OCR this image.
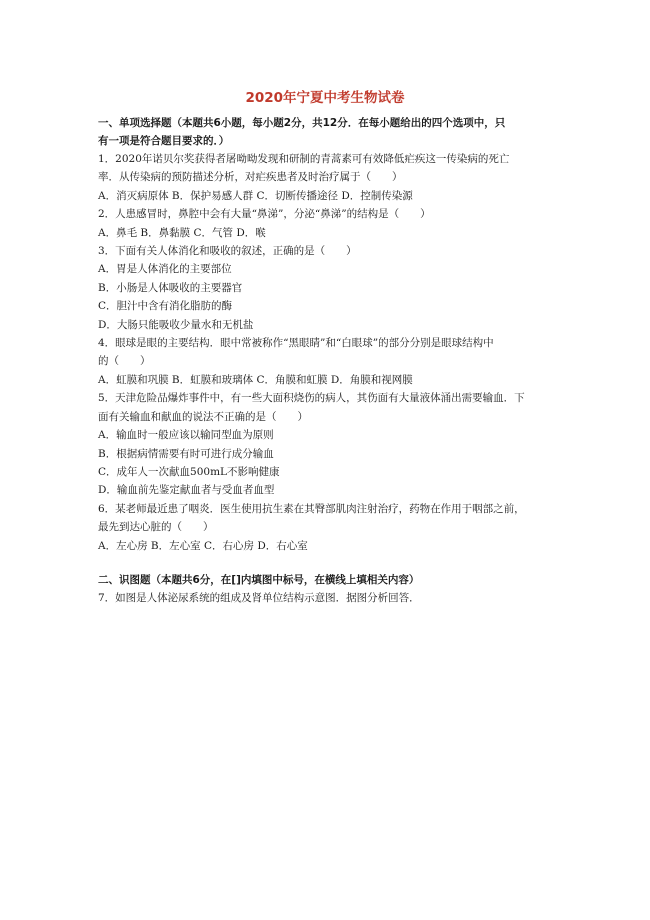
2020年宁夏中考生物试卷

一、单项选择题（本题共6小题，每小题2分，共12分．在每小题给出的四个选项中，只

有一项是符合题目要求的．）

1．2020年诺贝尔奖获得者屠呦呦发现和研制的青蒿素可有效降低疟疾这一传染病的死亡

率．从传染病的预防描述分析，对疟疾患者及时治疗属于（　　）

A．消灭病原体 B．保护易感人群 C．切断传播途径 D．控制传染源

2．人患感冒时，鼻腔中会有大量“鼻涕”，分泌“鼻涕”的结构是（　　）

A．鼻毛 B．鼻黏膜 C．气管 D．喉

3．下面有关人体消化和吸收的叙述，正确的是（　　）

A．胃是人体消化的主要部位

B．小肠是人体吸收的主要器官

C．胆汁中含有消化脂肪的酶

D．大肠只能吸收少量水和无机盐

4．眼球是眼的主要结构．眼中常被称作“黑眼睛”和“白眼球”的部分分别是眼球结构中

的（　　）

A．虹膜和巩膜 B．虹膜和玻璃体 C．角膜和虹膜 D．角膜和视网膜

5．天津危险品爆炸事件中，有一些大面积烧伤的病人，其伤面有大量液体涌出需要输血．下

面有关输血和献血的说法不正确的是（　　）

A．输血时一般应该以输同型血为原则

B．根据病情需要有时可进行成分输血

C．成年人一次献血500mL不影响健康

D．输血前先鉴定献血者与受血者血型

6．某老师最近患了咽炎．医生使用抗生素在其臀部肌肉注射治疗，药物在作用于咽部之前，

最先到达心脏的（　　）

A．左心房 B．左心室 C．右心房 D．右心室

二、识图题（本题共6分，在[]内填图中标号，在横线上填相关内容）

7．如图是人体泌尿系统的组成及肾单位结构示意图．据图分析回答．
